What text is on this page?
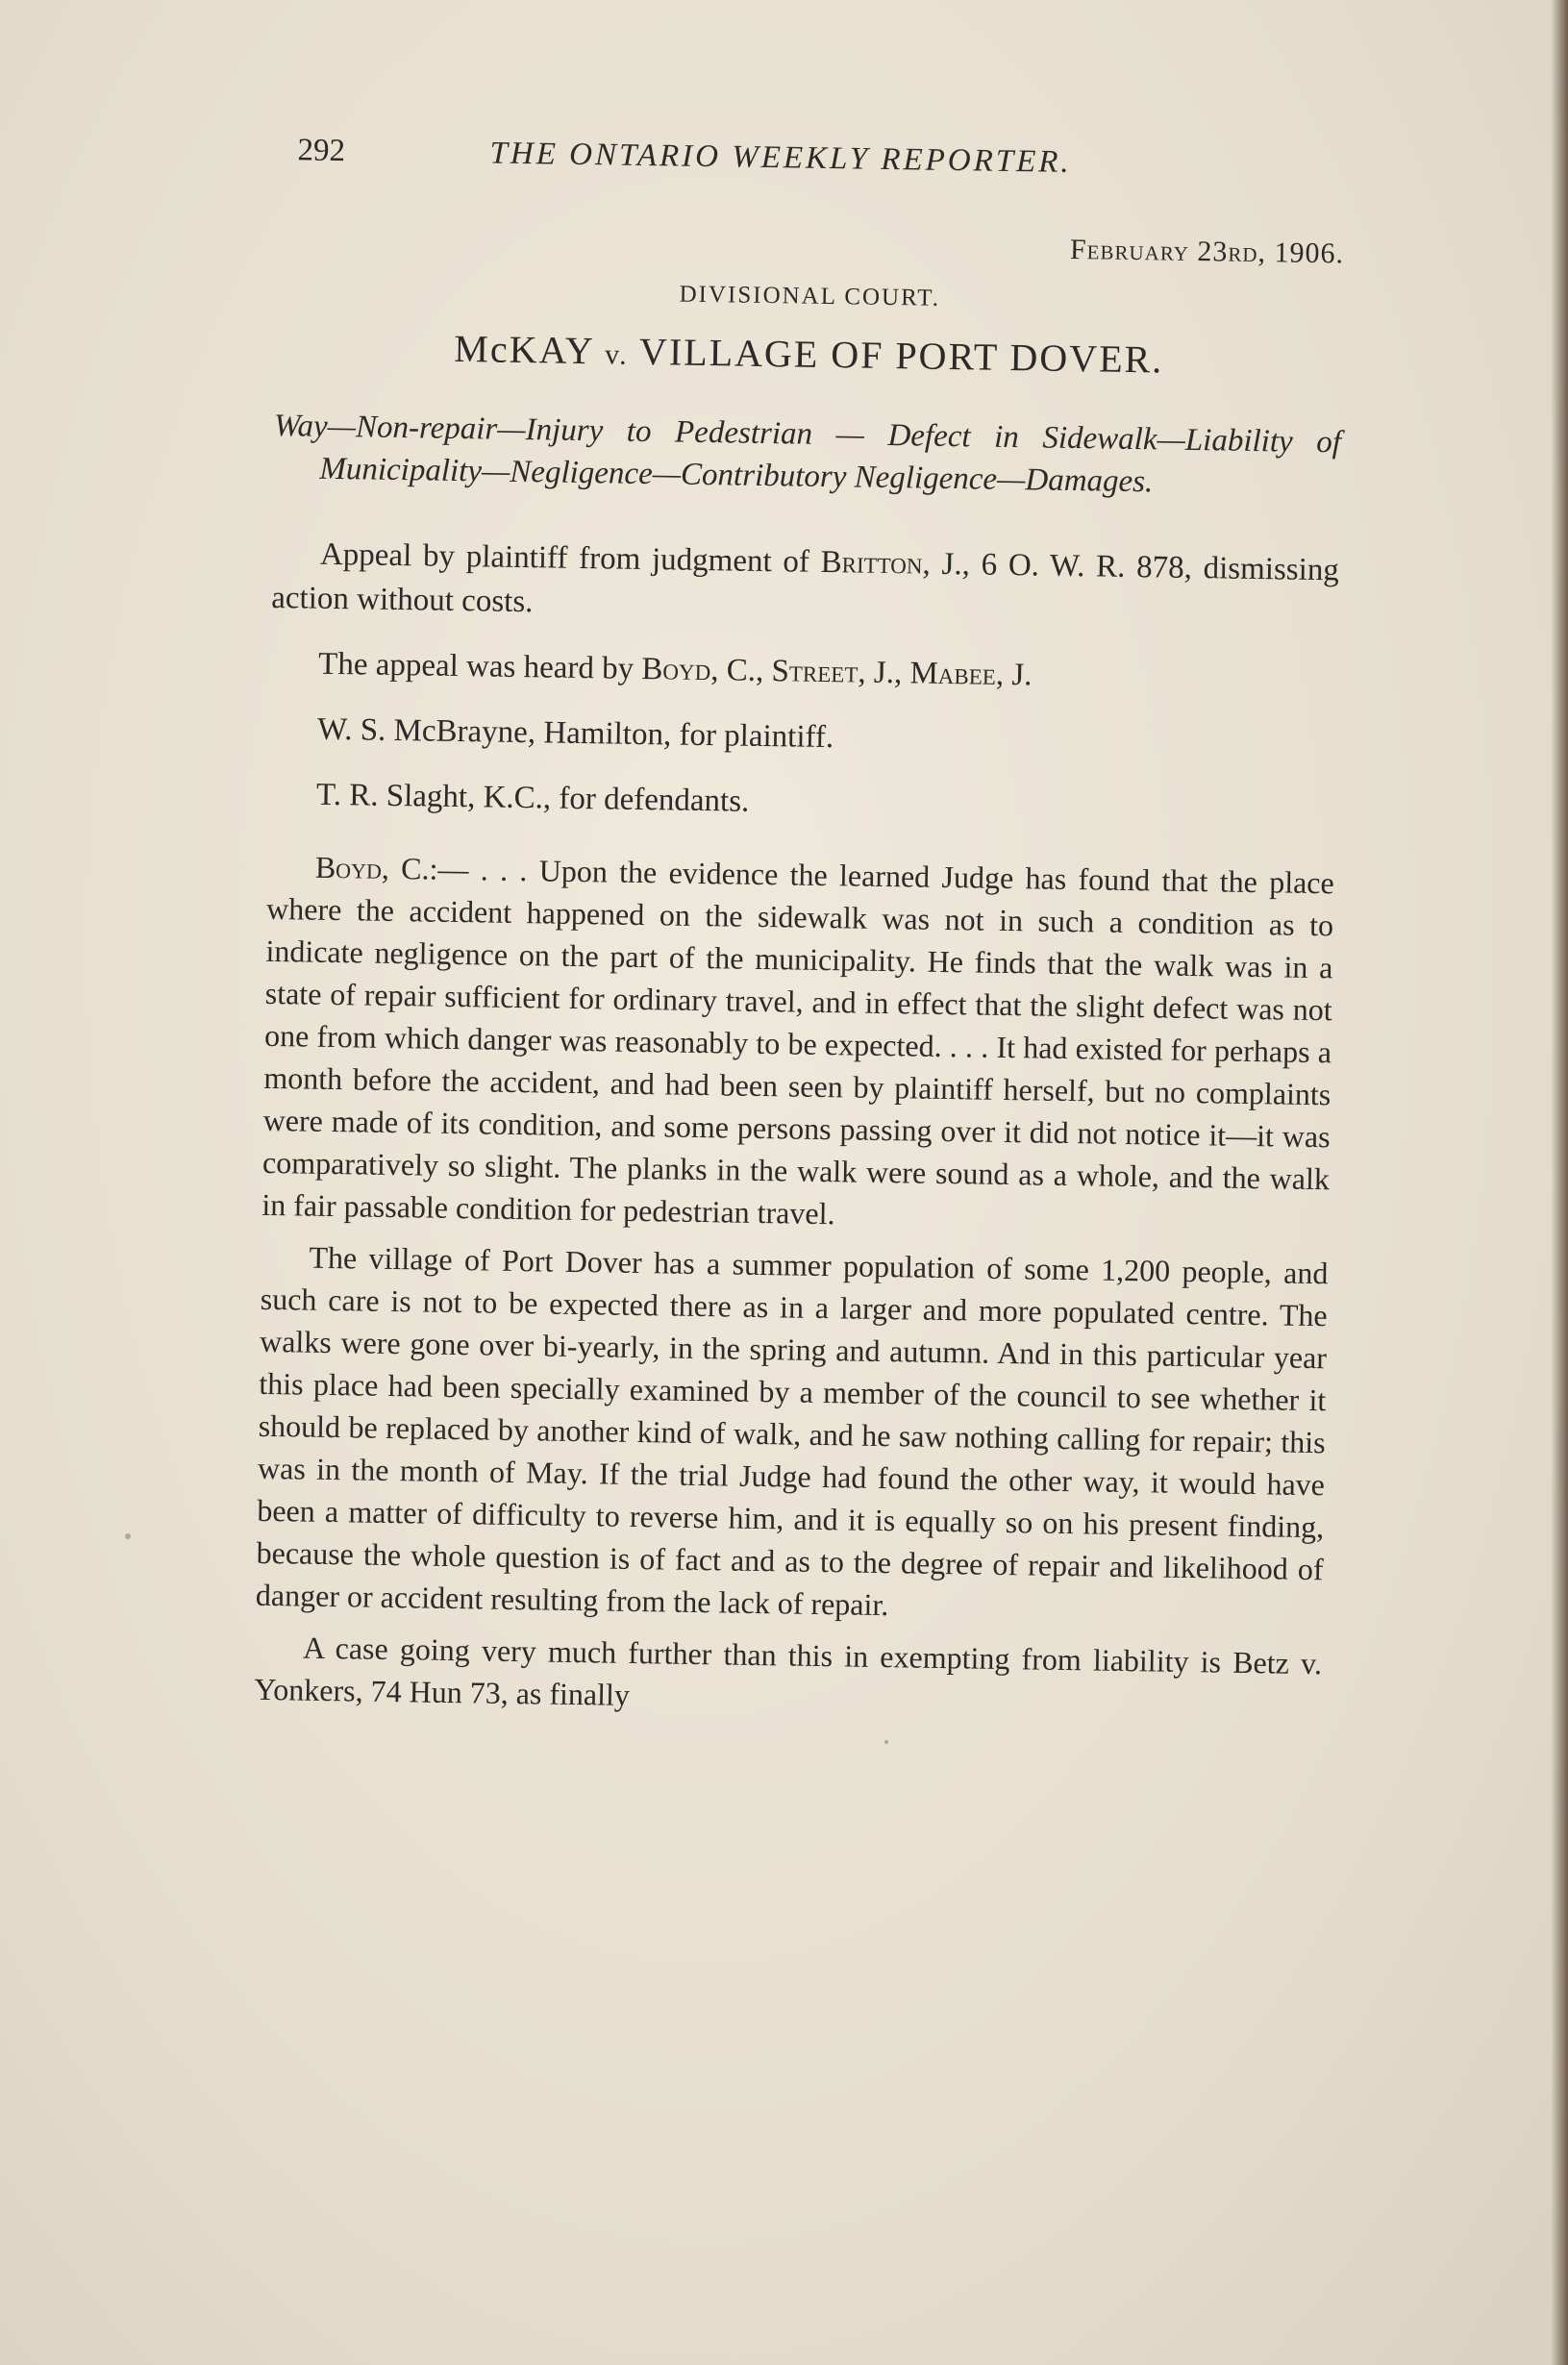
292	THE ONTARIO WEEKLY REPORTER.
February 23rd, 1906.
DIVISIONAL COURT.
McKAY v. VILLAGE OF PORT DOVER.
Way—Non-repair—Injury to Pedestrian — Defect in Sidewalk—Liability of Municipality—Negligence—Contributory Negligence—Damages.

Appeal by plaintiff from judgment of Britton, J., 6 O. W. R. 878, dismissing action without costs.

The appeal was heard by Boyd, C., Street, J., Mabee, J.

W. S. McBrayne, Hamilton, for plaintiff.

T. R. Slaght, K.C., for defendants.

Boyd, C.:— . . . Upon the evidence the learned Judge has found that the place where the accident happened on the sidewalk was not in such a condition as to indicate negligence on the part of the municipality. He finds that the walk was in a state of repair sufficient for ordinary travel, and in effect that the slight defect was not one from which danger was reasonably to be expected. . . . It had existed for perhaps a month before the accident, and had been seen by plaintiff herself, but no complaints were made of its condition, and some persons passing over it did not notice it—it was comparatively so slight. The planks in the walk were sound as a whole, and the walk in fair passable condition for pedestrian travel.

The village of Port Dover has a summer population of some 1,200 people, and such care is not to be expected there as in a larger and more populated centre. The walks were gone over bi-yearly, in the spring and autumn. And in this particular year this place had been specially examined by a member of the council to see whether it should be replaced by another kind of walk, and he saw nothing calling for repair; this was in the month of May. If the trial Judge had found the other way, it would have been a matter of difficulty to reverse him, and it is equally so on his present finding, because the whole question is of fact and as to the degree of repair and likelihood of danger or accident resulting from the lack of repair.

A case going very much further than this in exempting from liability is Betz v. Yonkers, 74 Hun 73, as finally
